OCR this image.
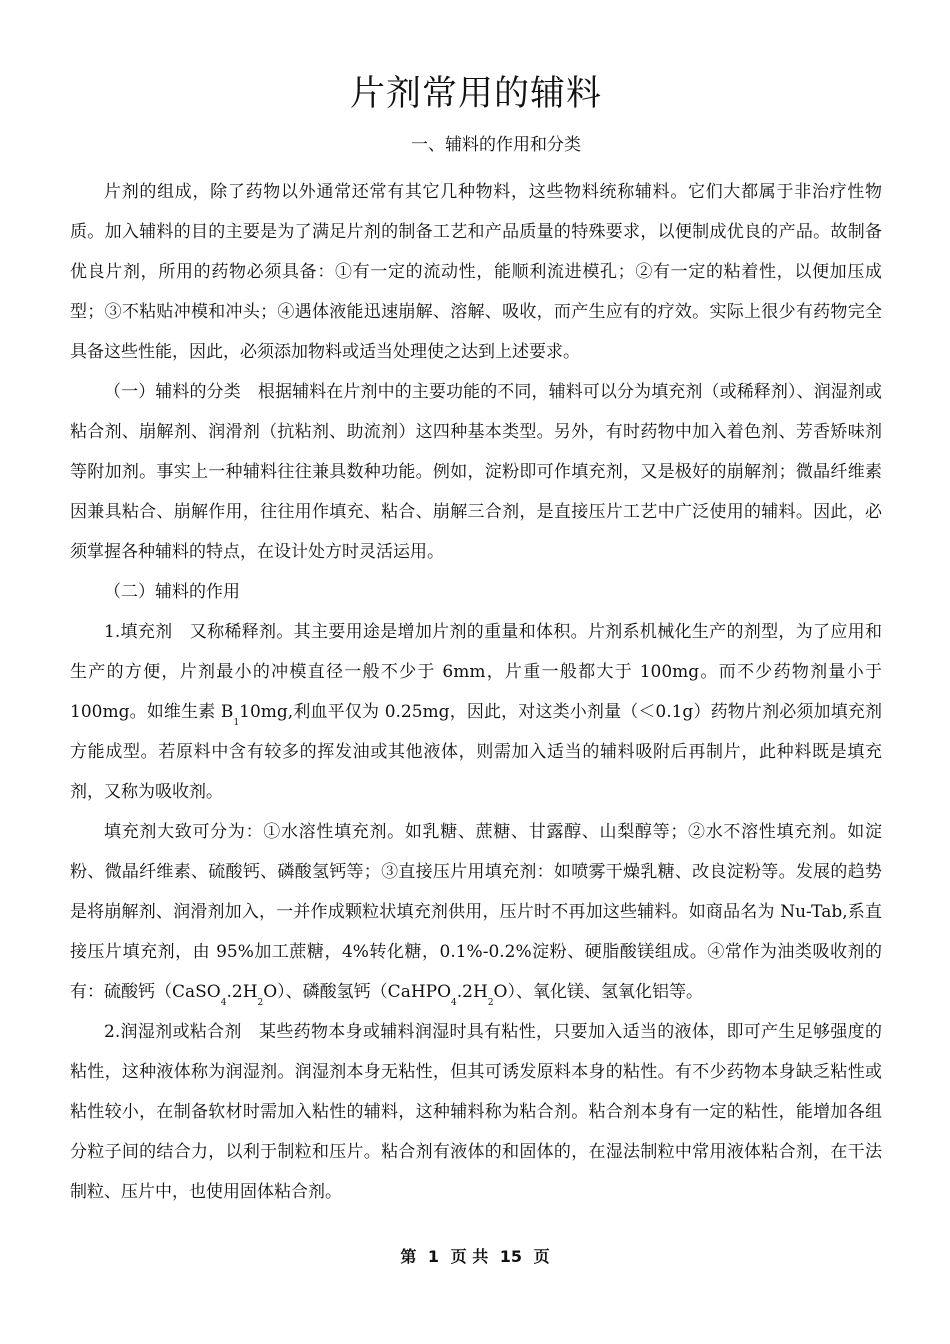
片剂常用的辅料
一、辅料的作用和分类

片剂的组成，除了药物以外通常还常有其它几种物料，这些物料统称辅料。它们大都属于非治疗性物质。加入辅料的目的主要是为了满足片剂的制备工艺和产品质量的特殊要求，以便制成优良的产品。故制备优良片剂，所用的药物必须具备：①有一定的流动性，能顺利流进模孔；②有一定的粘着性，以便加压成型；③不粘贴冲模和冲头；④遇体液能迅速崩解、溶解、吸收，而产生应有的疗效。实际上很少有药物完全具备这些性能，因此，必须添加物料或适当处理使之达到上述要求。

（一）辅料的分类　根据辅料在片剂中的主要功能的不同，辅料可以分为填充剂（或稀释剂）、润湿剂或粘合剂、崩解剂、润滑剂（抗粘剂、助流剂）这四种基本类型。另外，有时药物中加入着色剂、芳香矫味剂等附加剂。事实上一种辅料往往兼具数种功能。例如，淀粉即可作填充剂，又是极好的崩解剂；微晶纤维素因兼具粘合、崩解作用，往往用作填充、粘合、崩解三合剂，是直接压片工艺中广泛使用的辅料。因此，必须掌握各种辅料的特点，在设计处方时灵活运用。

（二）辅料的作用

1.填充剂　又称稀释剂。其主要用途是增加片剂的重量和体积。片剂系机械化生产的剂型，为了应用和生产的方便，片剂最小的冲模直径一般不少于 6mm，片重一般都大于 100mg。而不少药物剂量小于 100mg。如维生素 $B_110mg$,利血平仅为 0.25mg，因此，对这类小剂量（＜0.1g）药物片剂必须加填充剂方能成型。若原料中含有较多的挥发油或其他液体，则需加入适当的辅料吸附后再制片，此种料既是填充剂，又称为吸收剂。

填充剂大致可分为：①水溶性填充剂。如乳糖、蔗糖、甘露醇、山梨醇等；②水不溶性填充剂。如淀粉、微晶纤维素、硫酸钙、磷酸氢钙等；③直接压片用填充剂：如喷雾干燥乳糖、改良淀粉等。发展的趋势是将崩解剂、润滑剂加入，一并作成颗粒状填充剂供用，压片时不再加这些辅料。如商品名为 Nu-Tab,系直接压片填充剂，由 95%加工蔗糖，4%转化糖，0.1%-0.2%淀粉、硬脂酸镁组成。④常作为油类吸收剂的有：硫酸钙$(CaSO_4.2H_2O)$、磷酸氢钙$(CaHPO_4.2H_2O)$、氧化镁、氢氧化铝等。

2.润湿剂或粘合剂　某些药物本身或辅料润湿时具有粘性，只要加入适当的液体，即可产生足够强度的粘性，这种液体称为润湿剂。润湿剂本身无粘性，但其可诱发原料本身的粘性。有不少药物本身缺乏粘性或粘性较小，在制备软材时需加入粘性的辅料，这种辅料称为粘合剂。粘合剂本身有一定的粘性，能增加各组分粒子间的结合力，以利于制粒和压片。粘合剂有液体的和固体的，在湿法制粒中常用液体粘合剂，在干法制粒、压片中，也使用固体粘合剂。

第 1 页 共 15 页
